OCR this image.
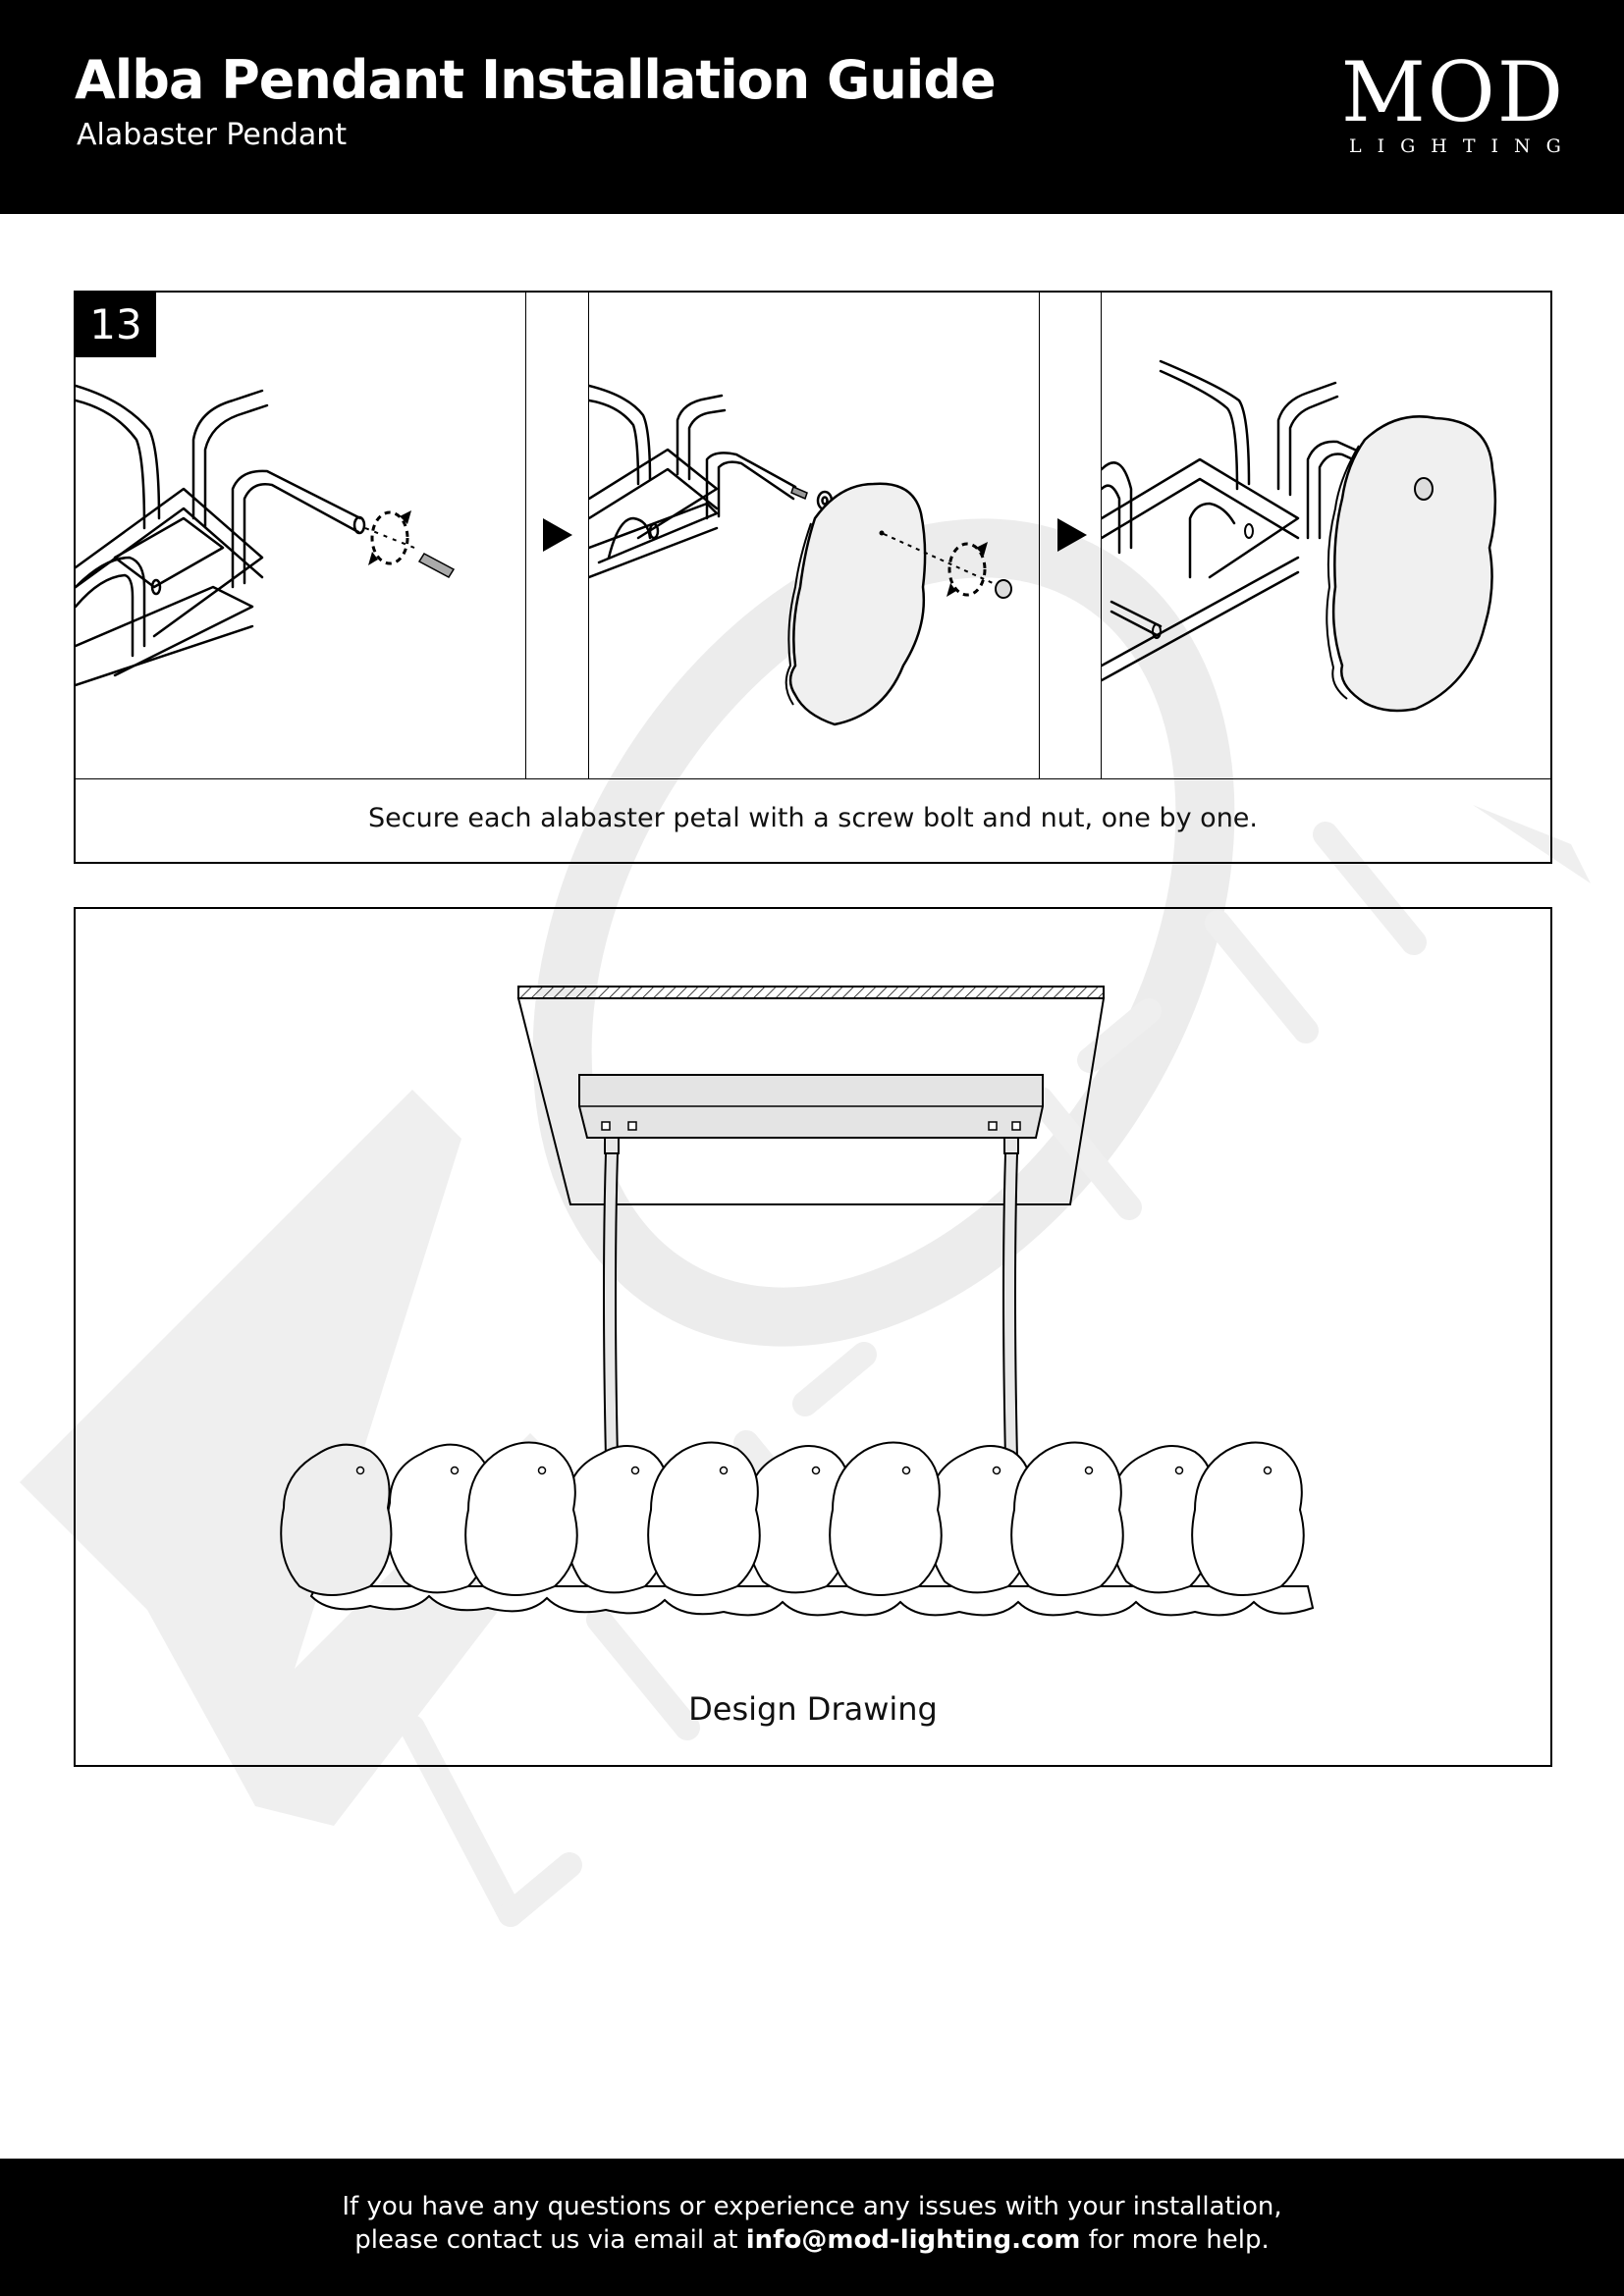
Alba Pendant Installation Guide
Alabaster Pendant	MOD
LIGHTING
13
Secure each alabaster petal with a screw bolt and nut, one by one.
Design Drawing
If you have any questions or experience any issues with your installation,
please contact us via email at info@mod-lighting.com for more help.
